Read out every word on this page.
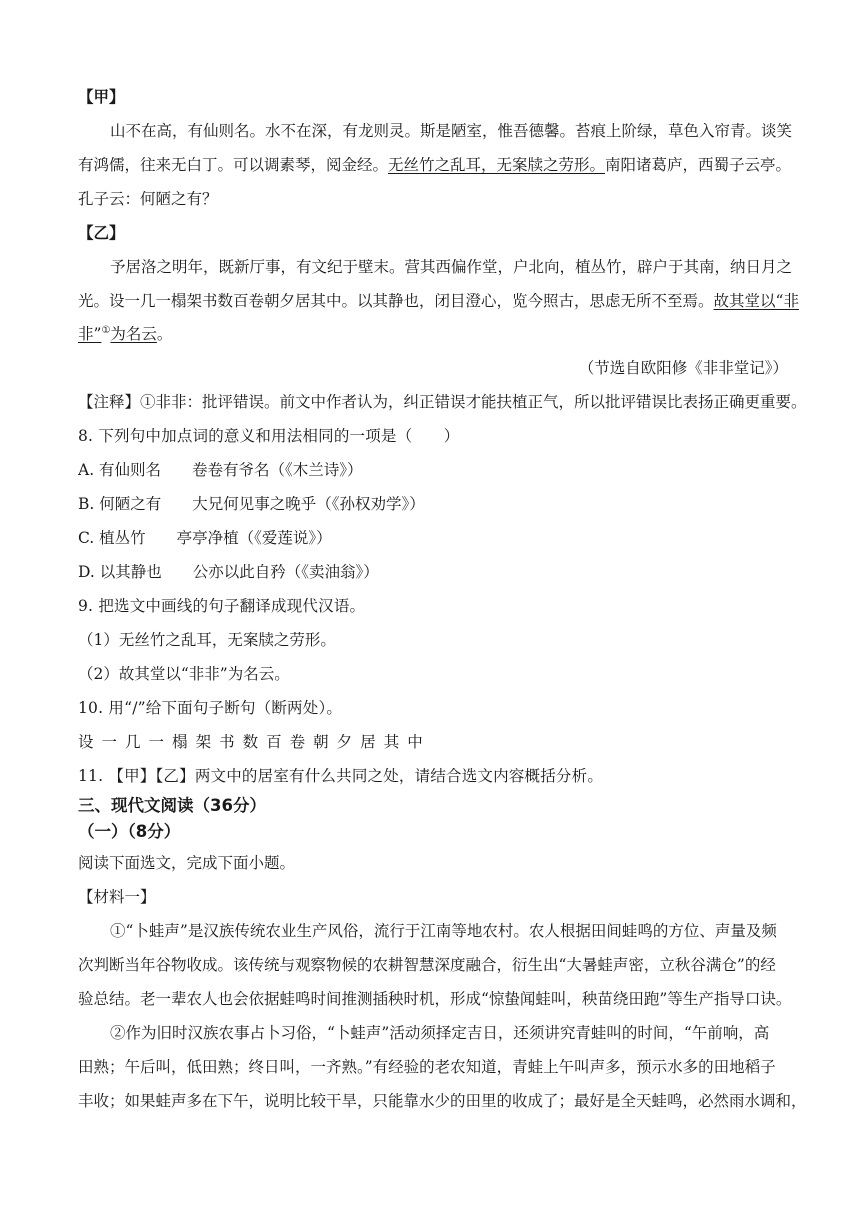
【甲】
山不在高，有仙则名。水不在深，有龙则灵。斯是陋室，惟吾德馨。苔痕上阶绿，草色入帘青。谈笑
有鸿儒，往来无白丁。可以调素琴，阅金经。无丝竹之乱耳，无案牍之劳形。南阳诸葛庐，西蜀子云亭。
孔子云：何陋之有？
【乙】
予居洛之明年，既新厅事，有文纪于壁末。营其西偏作堂，户北向，植丛竹，辟户于其南，纳日月之
光。设一几一榻架书数百卷朝夕居其中。以其静也，闭目澄心，览今照古，思虑无所不至焉。故其堂以“非
非”①为名云。
（节选自欧阳修《非非堂记》）
【注释】①非非：批评错误。前文中作者认为，纠正错误才能扶植正气，所以批评错误比表扬正确更重要。
8. 下列句中加点词的意义和用法相同的一项是（　　）
A. 有仙则名　　卷卷有爷名（《木兰诗》）
B. 何陋之有　　大兄何见事之晚乎（《孙权劝学》）
C. 植丛竹　　亭亭净植（《爱莲说》）
D. 以其静也　　公亦以此自矜（《卖油翁》）
9. 把选文中画线的句子翻译成现代汉语。
（1）无丝竹之乱耳，无案牍之劳形。
（2）故其堂以“非非”为名云。
10. 用“/”给下面句子断句（断两处）。
设 一 几 一 榻 架 书 数 百 卷 朝 夕 居 其 中
11. 【甲】【乙】两文中的居室有什么共同之处，请结合选文内容概括分析。
三、现代文阅读（36分）
（一）（8分）
阅读下面选文，完成下面小题。
【材料一】
①“卜蛙声”是汉族传统农业生产风俗，流行于江南等地农村。农人根据田间蛙鸣的方位、声量及频
次判断当年谷物收成。该传统与观察物候的农耕智慧深度融合，衍生出“大暑蛙声密，立秋谷满仓”的经
验总结。老一辈农人也会依据蛙鸣时间推测插秧时机，形成“惊蛰闻蛙叫，秧苗绕田跑”等生产指导口诀。
②作为旧时汉族农事占卜习俗，“卜蛙声”活动须择定吉日，还须讲究青蛙叫的时间，“午前响，高
田熟；午后叫，低田熟；终日叫，一齐熟。”有经验的老农知道，青蛙上午叫声多，预示水多的田地稻子
丰收；如果蛙声多在下午，说明比较干旱，只能靠水少的田里的收成了；最好是全天蛙鸣，必然雨水调和，
